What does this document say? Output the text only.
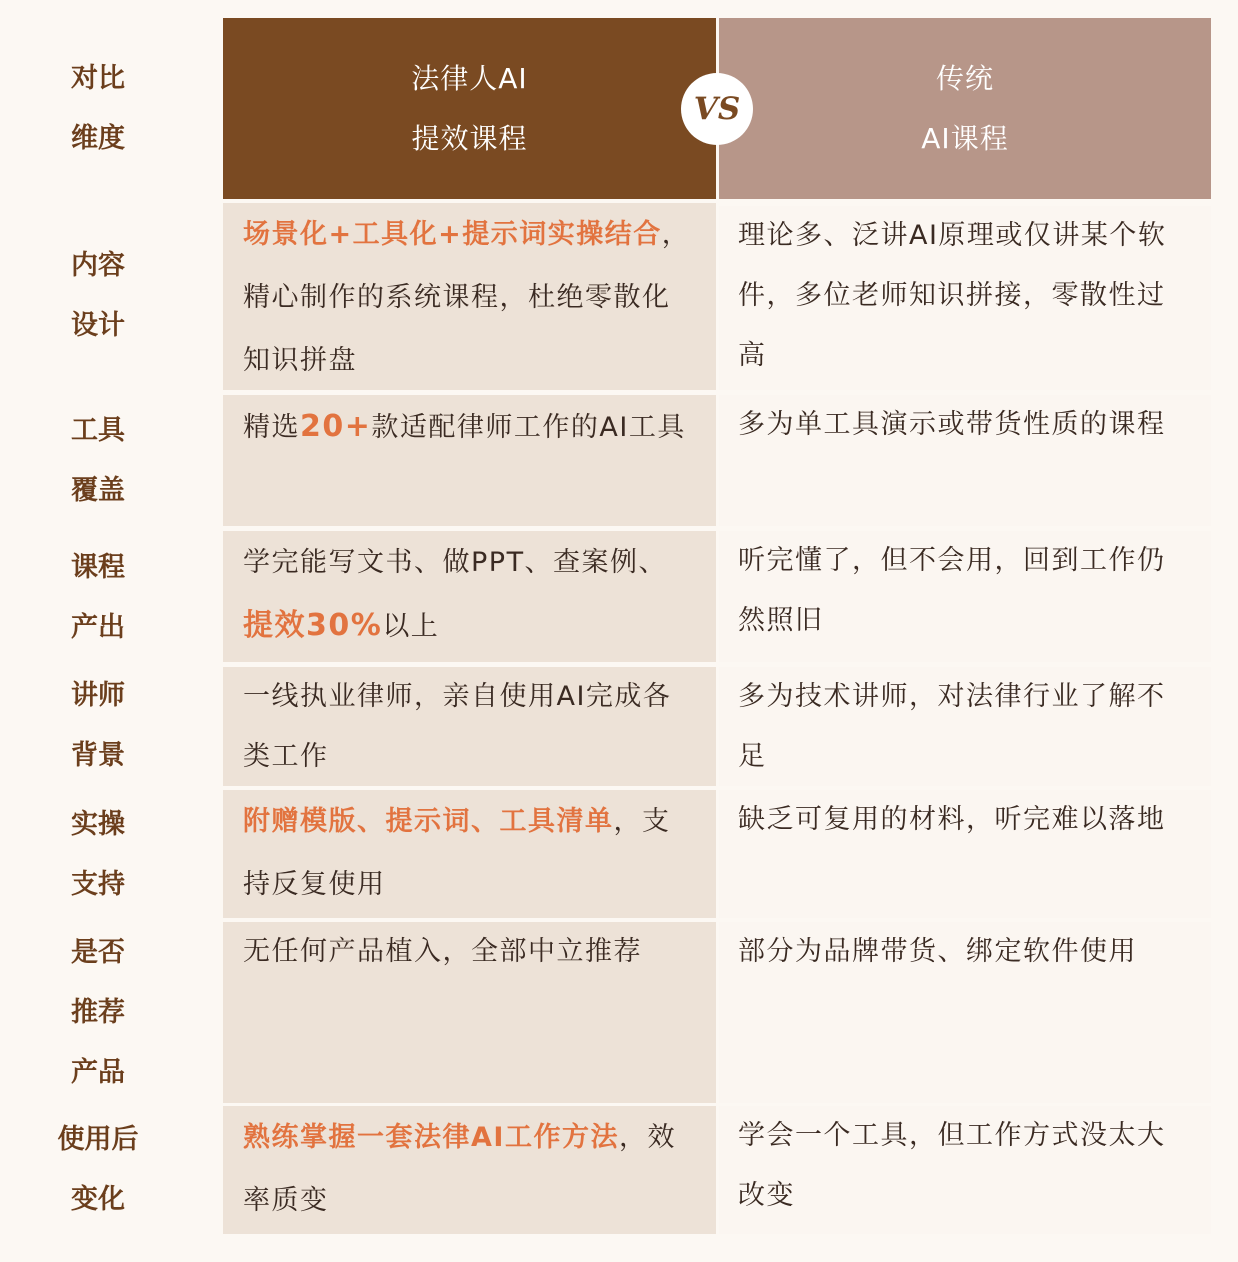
对比
维度
法律人AI
提效课程
传统
AI课程
VS
内容
设计
场景化+工具化+提示词实操结合，精心制作的系统课程，杜绝零散化知识拼盘
理论多、泛讲AI原理或仅讲某个软件，多位老师知识拼接，零散性过高
工具
覆盖
精选20+款适配律师工作的AI工具	多为单工具演示或带货性质的课程
课程
产出
学完能写文书、做PPT、查案例、提效30%以上
听完懂了，但不会用，回到工作仍然照旧
讲师
背景
一线执业律师，亲自使用AI完成各类工作
多为技术讲师，对法律行业了解不足
实操
支持
附赠模版、提示词、工具清单，支持反复使用
缺乏可复用的材料，听完难以落地
是否
推荐
产品
无任何产品植入，全部中立推荐	部分为品牌带货、绑定软件使用
使用后
变化
熟练掌握一套法律AI工作方法，效率质变
学会一个工具，但工作方式没太大改变
